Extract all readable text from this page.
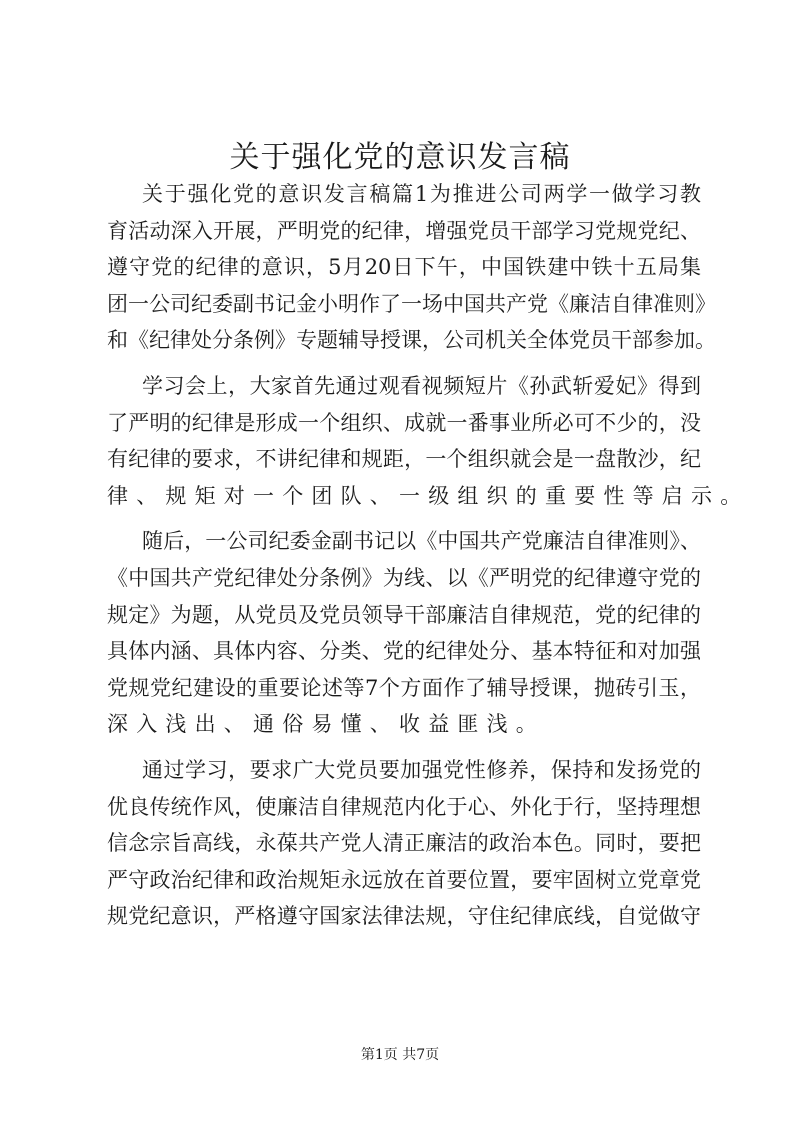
关于强化党的意识发言稿
关于强化党的意识发言稿篇1为推进公司两学一做学习教
育活动深入开展，严明党的纪律，增强党员干部学习党规党纪、
遵守党的纪律的意识，5月20日下午，中国铁建中铁十五局集
团一公司纪委副书记金小明作了一场中国共产党《廉洁自律准则》
和《纪律处分条例》专题辅导授课，公司机关全体党员干部参加。
学习会上，大家首先通过观看视频短片《孙武斩爱妃》得到
了严明的纪律是形成一个组织、成就一番事业所必可不少的，没
有纪律的要求，不讲纪律和规距，一个组织就会是一盘散沙，纪
律、规矩对一个团队、一级组织的重要性等启示。
随后，一公司纪委金副书记以《中国共产党廉洁自律准则》、
《中国共产党纪律处分条例》为线、以《严明党的纪律遵守党的
规定》为题，从党员及党员领导干部廉洁自律规范，党的纪律的
具体内涵、具体内容、分类、党的纪律处分、基本特征和对加强
党规党纪建设的重要论述等7个方面作了辅导授课，抛砖引玉，
深入浅出、通俗易懂、收益匪浅。
通过学习，要求广大党员要加强党性修养，保持和发扬党的
优良传统作风，使廉洁自律规范内化于心、外化于行，坚持理想
信念宗旨高线，永葆共产党人清正廉洁的政治本色。同时，要把
严守政治纪律和政治规矩永远放在首要位置，要牢固树立党章党
规党纪意识，严格遵守国家法律法规，守住纪律底线，自觉做守
第1页 共7页
